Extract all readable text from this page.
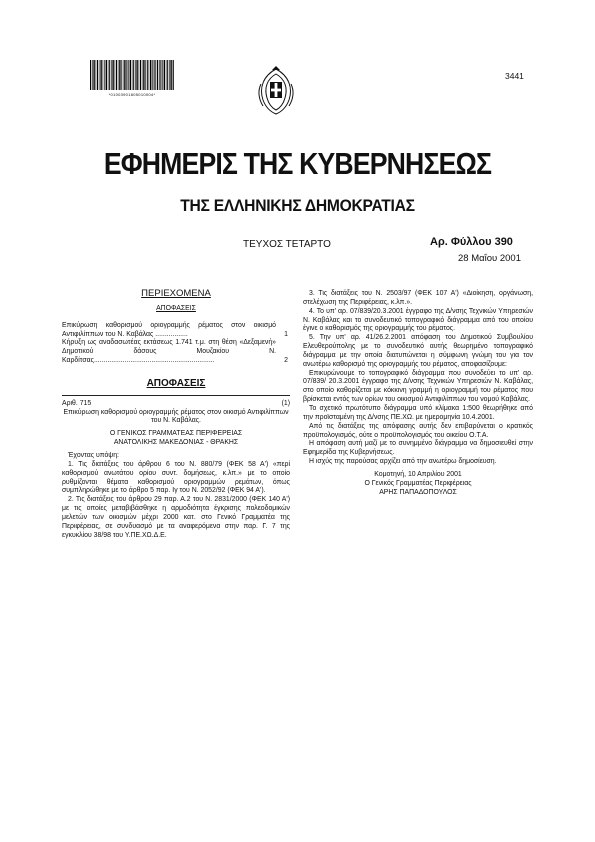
*01003901805010004*
3441
ΕΦΗΜΕΡΙΣ ΤΗΣ ΚΥΒΕΡΝΗΣΕΩΣ
ΤΗΣ ΕΛΛΗΝΙΚΗΣ ΔΗΜΟΚΡΑΤΙΑΣ
ΤΕΥΧΟΣ ΤΕΤΑΡΤΟ	Αρ. Φύλλου 390
28 Μαΐου 2001

ΠΕΡΙΕΧΟΜΕΝΑ

ΑΠΟΦΑΣΕΙΣ

Επικύρωση καθορισμού οριογραμμής ρέματος στον οικισμό Αντιφιλίππων του Ν. Καβάλας .................	1

Κήρυξη ως αναδασωτέας εκτάσεως 1.741 τ.μ. στη θέση «Δεξαμενή» Δημοτικού δάσους Μουζακίου Ν. Καρδίτσας...............................................................	2

ΑΠΟΦΑΣΕΙΣ

Αριθ. 715	(1)

Επικύρωση καθορισμού οριογραμμής ρέματος στον οικισμό Αντιφιλίππων του Ν. Καβάλας.

Ο ΓΕΝΙΚΟΣ ΓΡΑΜΜΑΤΕΑΣ ΠΕΡΙΦΕΡΕΙΑΣ

ΑΝΑΤΟΛΙΚΗΣ ΜΑΚΕΔΟΝΙΑΣ - ΘΡΑΚΗΣ

Έχοντας υπόψη:

1. Τις διατάξεις του άρθρου 6 του Ν. 880/79 (ΦΕΚ 58 Α') «περί καθορισμού ανωτάτου ορίου συντ. δομήσεως, κ.λπ.» με το οποίο ρυθμίζονται θέματα καθορισμού οριογραμμών ρεμάτων, όπως συμπληρώθηκε με το άρθρο 5 παρ. Ιγ του Ν. 2052/92 (ΦΕΚ 94 Α').

2. Τις διατάξεις του άρθρου 29 παρ. Α.2 του Ν. 2831/2000 (ΦΕΚ 140 Α') με τις οποίες μεταβιβάσθηκε η αρμοδιότητα έγκρισης πολεοδομικών μελετών των οικισμών μέχρι 2000 κατ. στο Γενικό Γραμματέα της Περιφέρειας, σε συνδυασμό με τα αναφερόμενα στην παρ. Γ. 7 της εγκυκλίου 38/98 του Υ.ΠΕ.ΧΩ.Δ.Ε.

3. Τις διατάξεις του Ν. 2503/97 (ΦΕΚ 107 Α') «Διοίκηση, οργάνωση, στελέχωση της Περιφέρειας, κ.λπ.».

4. Το υπ' αρ. 07/839/20.3.2001 έγγραφο της Δ/νσης Τεχνικών Υπηρεσιών Ν. Καβάλας και το συνοδευτικό τοπογραφικό διάγραμμα από του οποίου έγινε ο καθορισμός της οριογραμμής του ρέματος.

5. Την υπ' αρ. 41/26.2.2001 απόφαση του Δημοτικού Συμβουλίου Ελευθερούπολης με το συνοδευτικό αυτής θεωρημένο τοπογραφικό διάγραμμα με την οποία διατυπώνεται η σύμφωνη γνώμη του για τον ανωτέρω καθορισμό της οριογραμμής του ρέματος, αποφασίζουμε:

Επικυρώνουμε το τοπογραφικό διάγραμμα που συνοδεύει το υπ' αρ. 07/839/ 20.3.2001 έγγραφο της Δ/νσης Τεχνικών Υπηρεσιών Ν. Καβάλας, στο οποίο καθορίζεται με κόκκινη γραμμή η οριογραμμή του ρέματος που βρίσκεται εντός των ορίων του οικισμού Αντιφιλίππων του νομού Καβάλας.

Το σχετικό πρωτότυπο διάγραμμα υπό κλίμακα 1:500 θεωρήθηκε από την προϊσταμένη της Δ/νσης ΠΕ.ΧΩ. με ημερομηνία 10.4.2001.

Από τις διατάξεις της απόφασης αυτής δεν επιβαρύνεται ο κρατικός προϋπολογισμός, ούτε ο προϋπολογισμός του οικείου Ο.Τ.Α.

Η απόφαση αυτή μαζί με το συνημμένο διάγραμμα να δημοσιευθεί στην Εφημερίδα της Κυβερνήσεως.

Η ισχύς της παρούσας αρχίζει από την ανωτέρω δημοσίευση.

Κομοτηνή, 10 Απριλίου 2001

Ο Γενικός Γραμματέας Περιφέρειας

ΑΡΗΣ ΠΑΠΑΔΟΠΟΥΛΟΣ
